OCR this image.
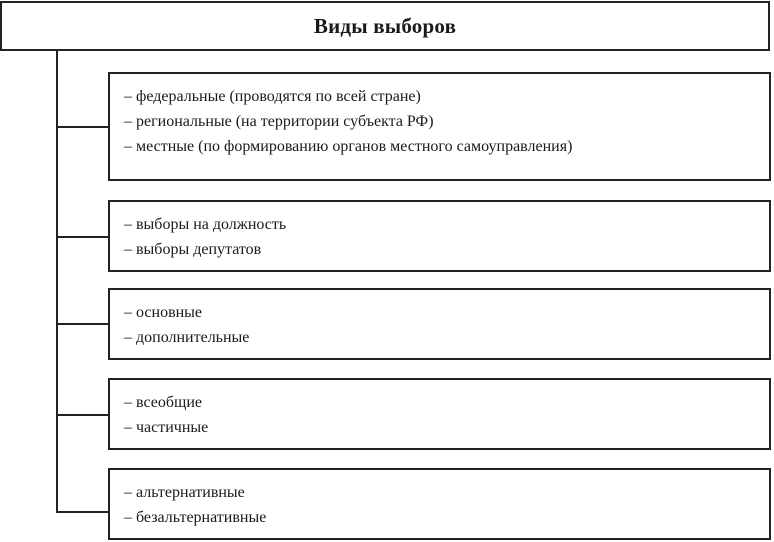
Виды выборов
– федеральные (проводятся по всей стране)
– региональные (на территории субъекта РФ)
– местные (по формированию органов местного самоуправления)
– выборы на должность
– выборы депутатов
– основные
– дополнительные
– всеобщие
– частичные
– альтернативные
– безальтернативные
